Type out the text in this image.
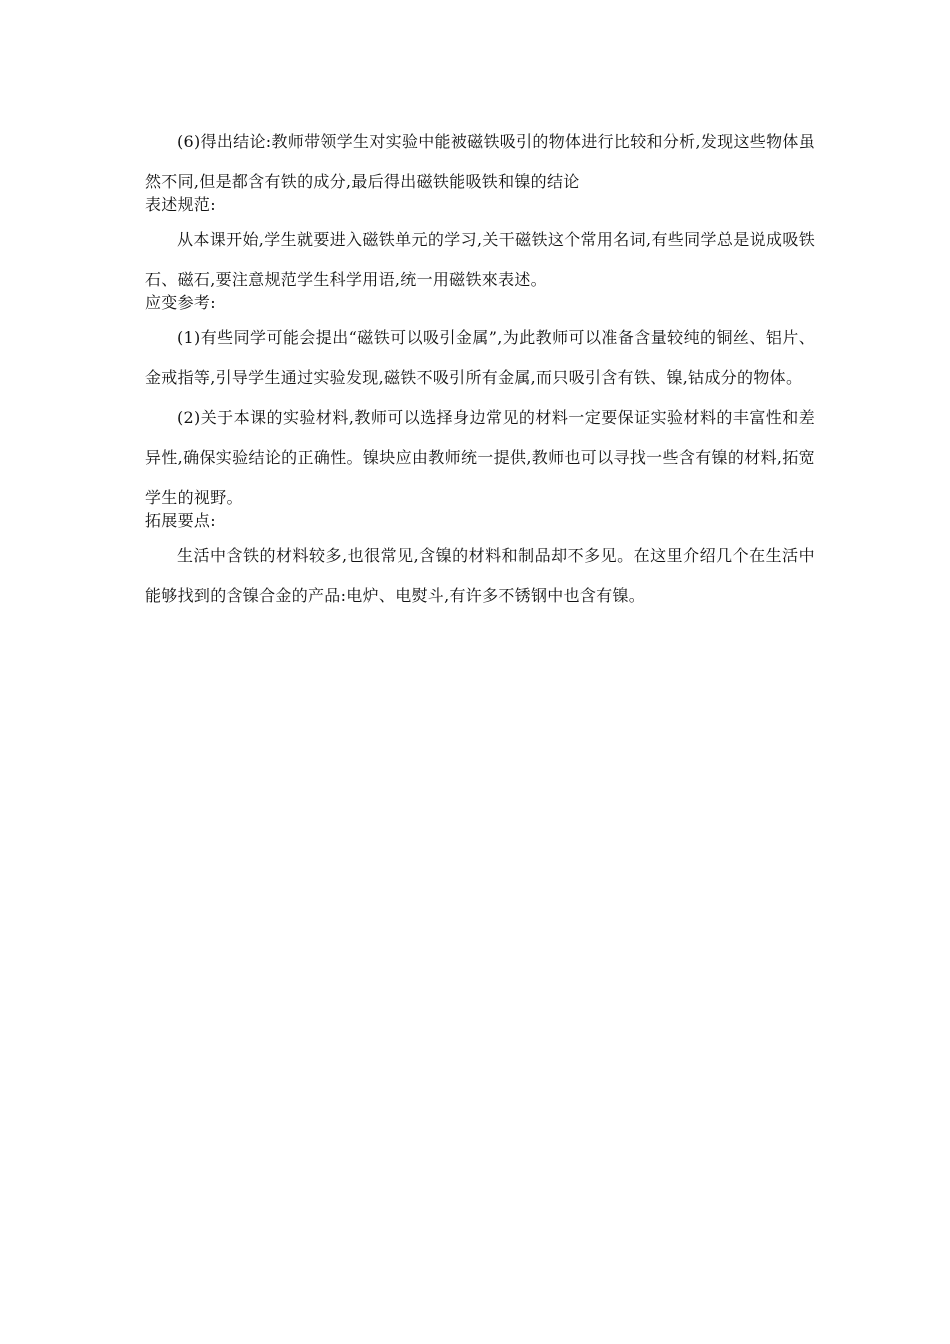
(6)得出结论:教师带领学生对实验中能被磁铁吸引的物体进行比较和分析,发现这些物体虽然不同,但是都含有铁的成分,最后得出磁铁能吸铁和镍的结论

表述规范:

从本课开始,学生就要进入磁铁单元的学习,关干磁铁这个常用名词,有些同学总是说成吸铁石、磁石,要注意规范学生科学用语,统一用磁铁來表述。

应变参考:

(1)有些同学可能会提出“磁铁可以吸引金属”,为此教师可以准备含量较纯的铜丝、铝片、金戒指等,引导学生通过实验发现,磁铁不吸引所有金属,而只吸引含有铁、镍,钴成分的物体。

(2)关于本课的实验材料,教师可以选择身边常见的材料一定要保证实验材料的丰富性和差异性,确保实验结论的正确性。镍块应由教师统一提供,教师也可以寻找一些含有镍的材料,拓宽学生的视野。

拓展要点:

生活中含铁的材料较多,也很常见,含镍的材料和制品却不多见。在这里介绍几个在生活中能够找到的含镍合金的产品:电炉、电熨斗,有许多不锈钢中也含有镍。
